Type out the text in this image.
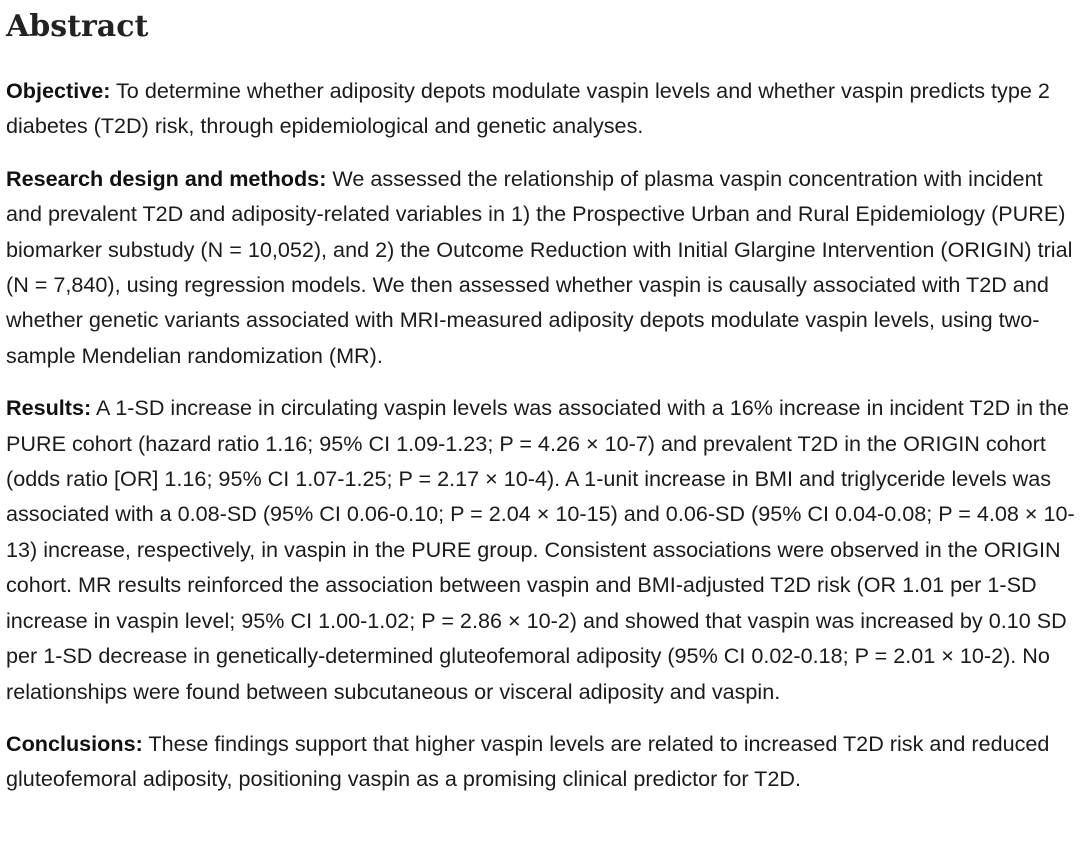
Abstract

Objective: To determine whether adiposity depots modulate vaspin levels and whether vaspin predicts type 2 diabetes (T2D) risk, through epidemiological and genetic analyses.

Research design and methods: We assessed the relationship of plasma vaspin concentration with incident and prevalent T2D and adiposity-related variables in 1) the Prospective Urban and Rural Epidemiology (PURE) biomarker substudy (N = 10,052), and 2) the Outcome Reduction with Initial Glargine Intervention (ORIGIN) trial (N = 7,840), using regression models. We then assessed whether vaspin is causally associated with T2D and whether genetic variants associated with MRI-measured adiposity depots modulate vaspin levels, using two-sample Mendelian randomization (MR).

Results: A 1-SD increase in circulating vaspin levels was associated with a 16% increase in incident T2D in the PURE cohort (hazard ratio 1.16; 95% CI 1.09-1.23; P = 4.26 × 10-7) and prevalent T2D in the ORIGIN cohort (odds ratio [OR] 1.16; 95% CI 1.07-1.25; P = 2.17 × 10-4). A 1-unit increase in BMI and triglyceride levels was associated with a 0.08-SD (95% CI 0.06-0.10; P = 2.04 × 10-15) and 0.06-SD (95% CI 0.04-0.08; P = 4.08 × 10-13) increase, respectively, in vaspin in the PURE group. Consistent associations were observed in the ORIGIN cohort. MR results reinforced the association between vaspin and BMI-adjusted T2D risk (OR 1.01 per 1-SD increase in vaspin level; 95% CI 1.00-1.02; P = 2.86 × 10-2) and showed that vaspin was increased by 0.10 SD per 1-SD decrease in genetically-determined gluteofemoral adiposity (95% CI 0.02-0.18; P = 2.01 × 10-2). No relationships were found between subcutaneous or visceral adiposity and vaspin.

Conclusions: These findings support that higher vaspin levels are related to increased T2D risk and reduced gluteofemoral adiposity, positioning vaspin as a promising clinical predictor for T2D.
